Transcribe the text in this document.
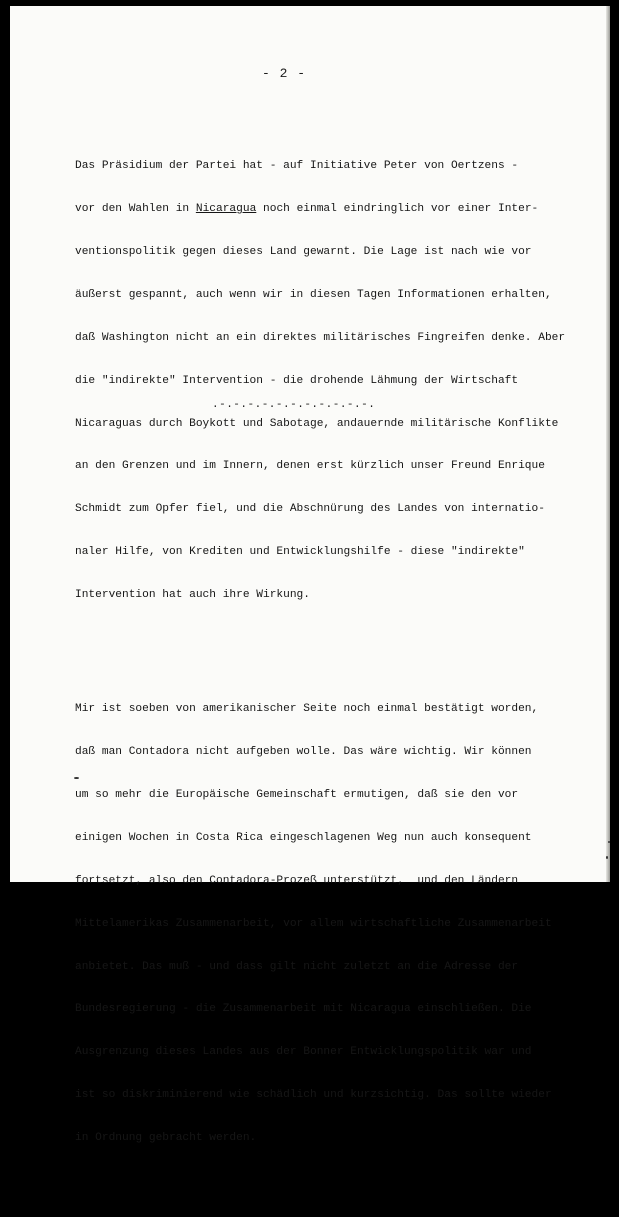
- 2 -

Das Präsidium der Partei hat - auf Initiative Peter von Oertzens -

vor den Wahlen in Nicaragua noch einmal eindringlich vor einer Inter-

ventionspolitik gegen dieses Land gewarnt. Die Lage ist nach wie vor

äußerst gespannt, auch wenn wir in diesen Tagen Informationen erhalten,

daß Washington nicht an ein direktes militärisches Fingreifen denke. Aber

die "indirekte" Intervention - die drohende Lähmung der Wirtschaft

Nicaraguas durch Boykott und Sabotage, andauernde militärische Konflikte

an den Grenzen und im Innern, denen erst kürzlich unser Freund Enrique

Schmidt zum Opfer fiel, und die Abschnürung des Landes von internatio-

naler Hilfe, von Krediten und Entwicklungshilfe - diese "indirekte"

Intervention hat auch ihre Wirkung.

Mir ist soeben von amerikanischer Seite noch einmal bestätigt worden,

daß man Contadora nicht aufgeben wolle. Das wäre wichtig. Wir können

um so mehr die Europäische Gemeinschaft ermutigen, daß sie den vor

einigen Wochen in Costa Rica eingeschlagenen Weg nun auch konsequent

fortsetzt, also den Contadora-Prozeß unterstützt,  und den Ländern

Mittelamerikas Zusammenarbeit, vor allem wirtschaftliche Zusammenarbeit

anbietet. Das muß - und dass gilt nicht zuletzt an die Adresse der

Bundesregierung - die Zusammenarbeit mit Nicaragua einschließen. Die

Ausgrenzung dieses Landes aus der Bonner Entwicklungspolitik war und

ist so diskriminierend wie schädlich und kurzsichtig. Das sollte wieder

in Ordnung gebracht werden.

.-.-.-.-.-.-.-.-.-.-.-.
